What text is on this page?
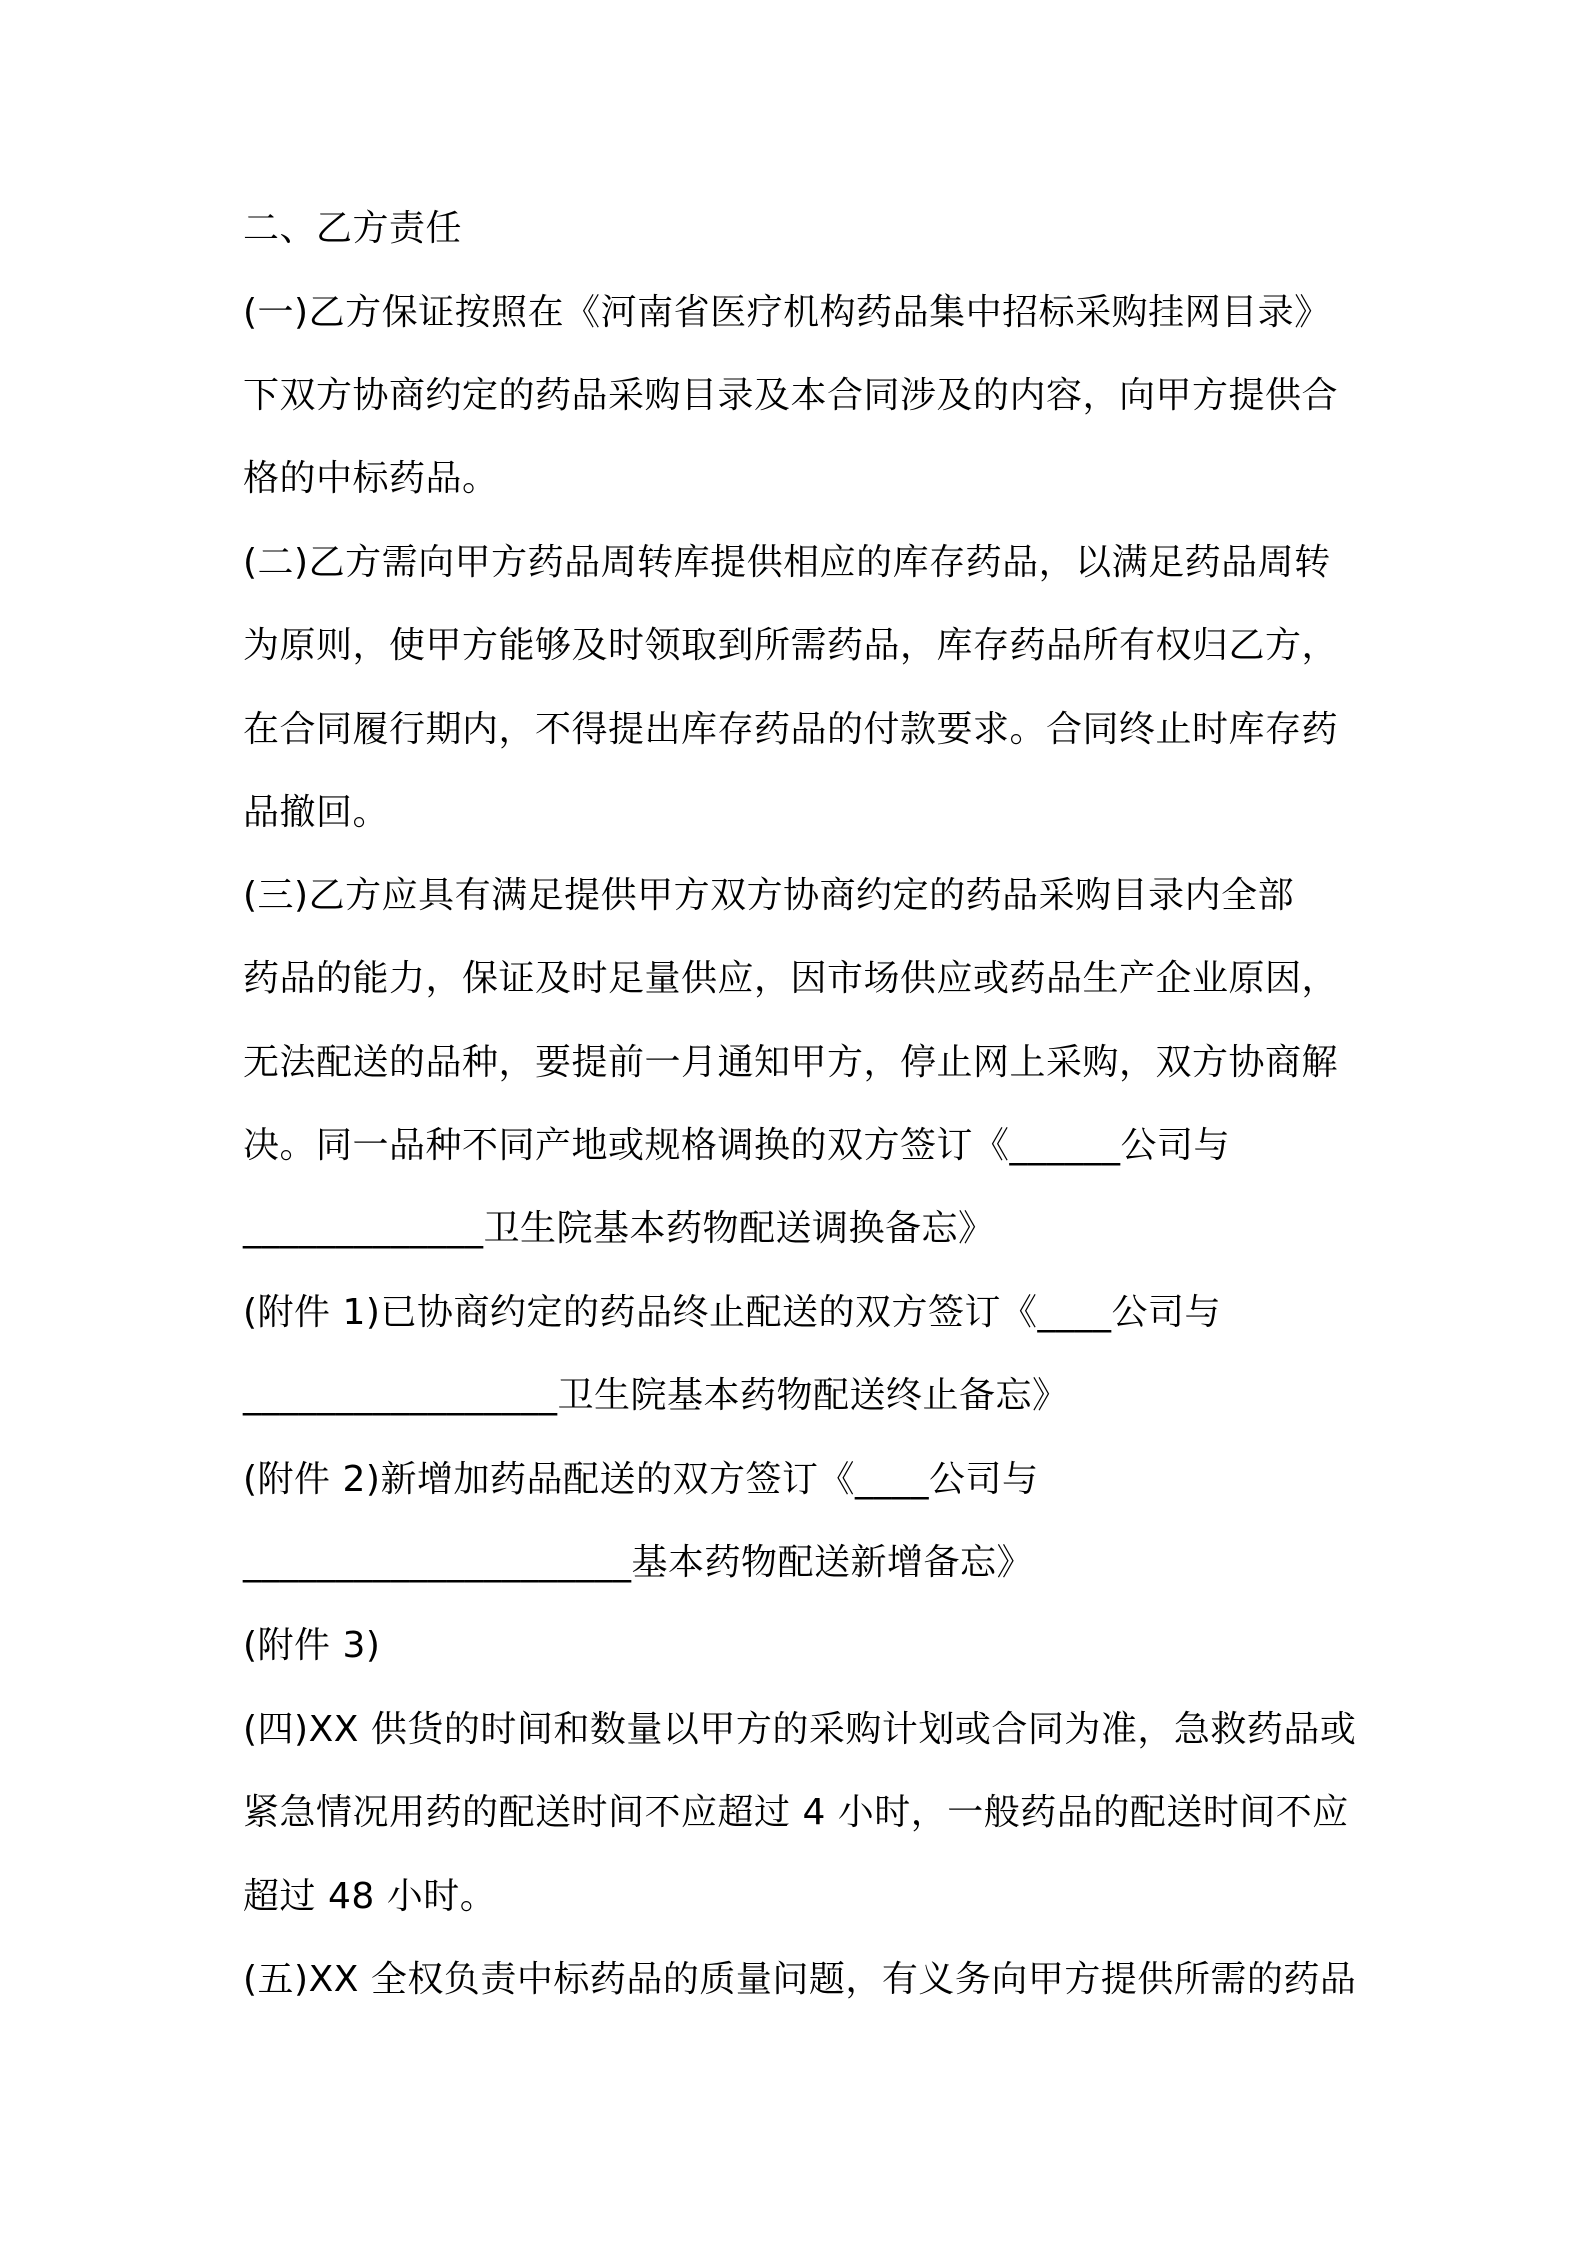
二、乙方责任
(一)乙方保证按照在《河南省医疗机构药品集中招标采购挂网目录》
下双方协商约定的药品采购目录及本合同涉及的内容，向甲方提供合
格的中标药品。
(二)乙方需向甲方药品周转库提供相应的库存药品，以满足药品周转
为原则，使甲方能够及时领取到所需药品，库存药品所有权归乙方，
在合同履行期内，不得提出库存药品的付款要求。合同终止时库存药
品撤回。
(三)乙方应具有满足提供甲方双方协商约定的药品采购目录内全部
药品的能力，保证及时足量供应，因市场供应或药品生产企业原因，
无法配送的品种，要提前一月通知甲方，停止网上采购，双方协商解
决。同一品种不同产地或规格调换的双方签订《______公司与
_____________卫生院基本药物配送调换备忘》
(附件 1)已协商约定的药品终止配送的双方签订《____公司与
_________________卫生院基本药物配送终止备忘》
(附件 2)新增加药品配送的双方签订《____公司与
_____________________基本药物配送新增备忘》
(附件 3)
(四)XX 供货的时间和数量以甲方的采购计划或合同为准，急救药品或
紧急情况用药的配送时间不应超过 4 小时，一般药品的配送时间不应
超过 48 小时。
(五)XX 全权负责中标药品的质量问题，有义务向甲方提供所需的药品
